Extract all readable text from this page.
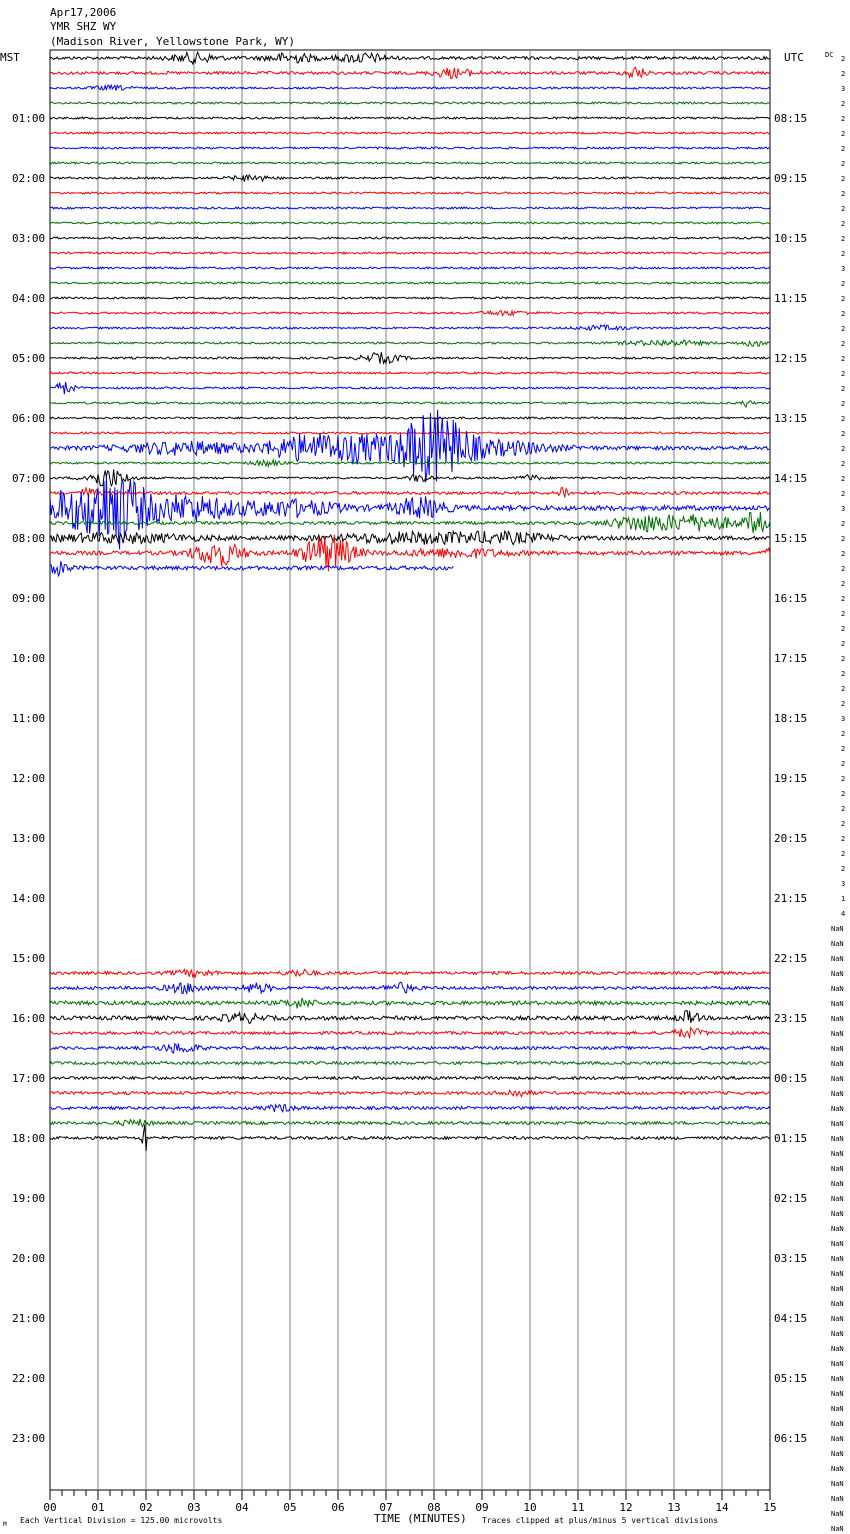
Apr17,2006
YMR SHZ WY
(Madison River, Yellowstone Park, WY)
MST	UTC	DC
01:00
02:00
03:00
04:00
05:00
06:00
07:00
08:00
09:00
10:00
11:00
12:00
13:00
14:00
15:00
16:00
17:00
18:00
19:00
20:00
21:00
22:00
23:00
08:15
09:15
10:15
11:15
12:15
13:15
14:15
15:15
16:15
17:15
18:15
19:15
20:15
21:15
22:15
23:15
00:15
01:15
02:15
03:15
04:15
05:15
06:15
2
2
3
2
2
2
2
2
2
2
2
2
2
2
3
2
2
2
2
2
2
2
2
2
2
2
2
2
2
2
3
2
2
2
2
2
2
2
2
2
2
2
2
2
3
2
2
2
2
2
2
2
2
2
2
3
1
4
NaN
NaN
NaN
NaN
NaN
NaN
NaN
NaN
NaN
NaN
NaN
NaN
NaN
NaN
NaN
NaN
NaN
NaN
NaN
NaN
NaN
NaN
NaN
NaN
NaN
NaN
NaN
NaN
NaN
NaN
NaN
NaN
NaN
NaN
NaN
NaN
NaN
NaN
NaN
NaN
NaN
00	01	02	03	04	05	06	07	08	09	10	11	12	13	14	15
M Each Vertical Division = 125.00 microvolts	TIME (MINUTES) Traces clipped at plus/minus 5 vertical divisions
